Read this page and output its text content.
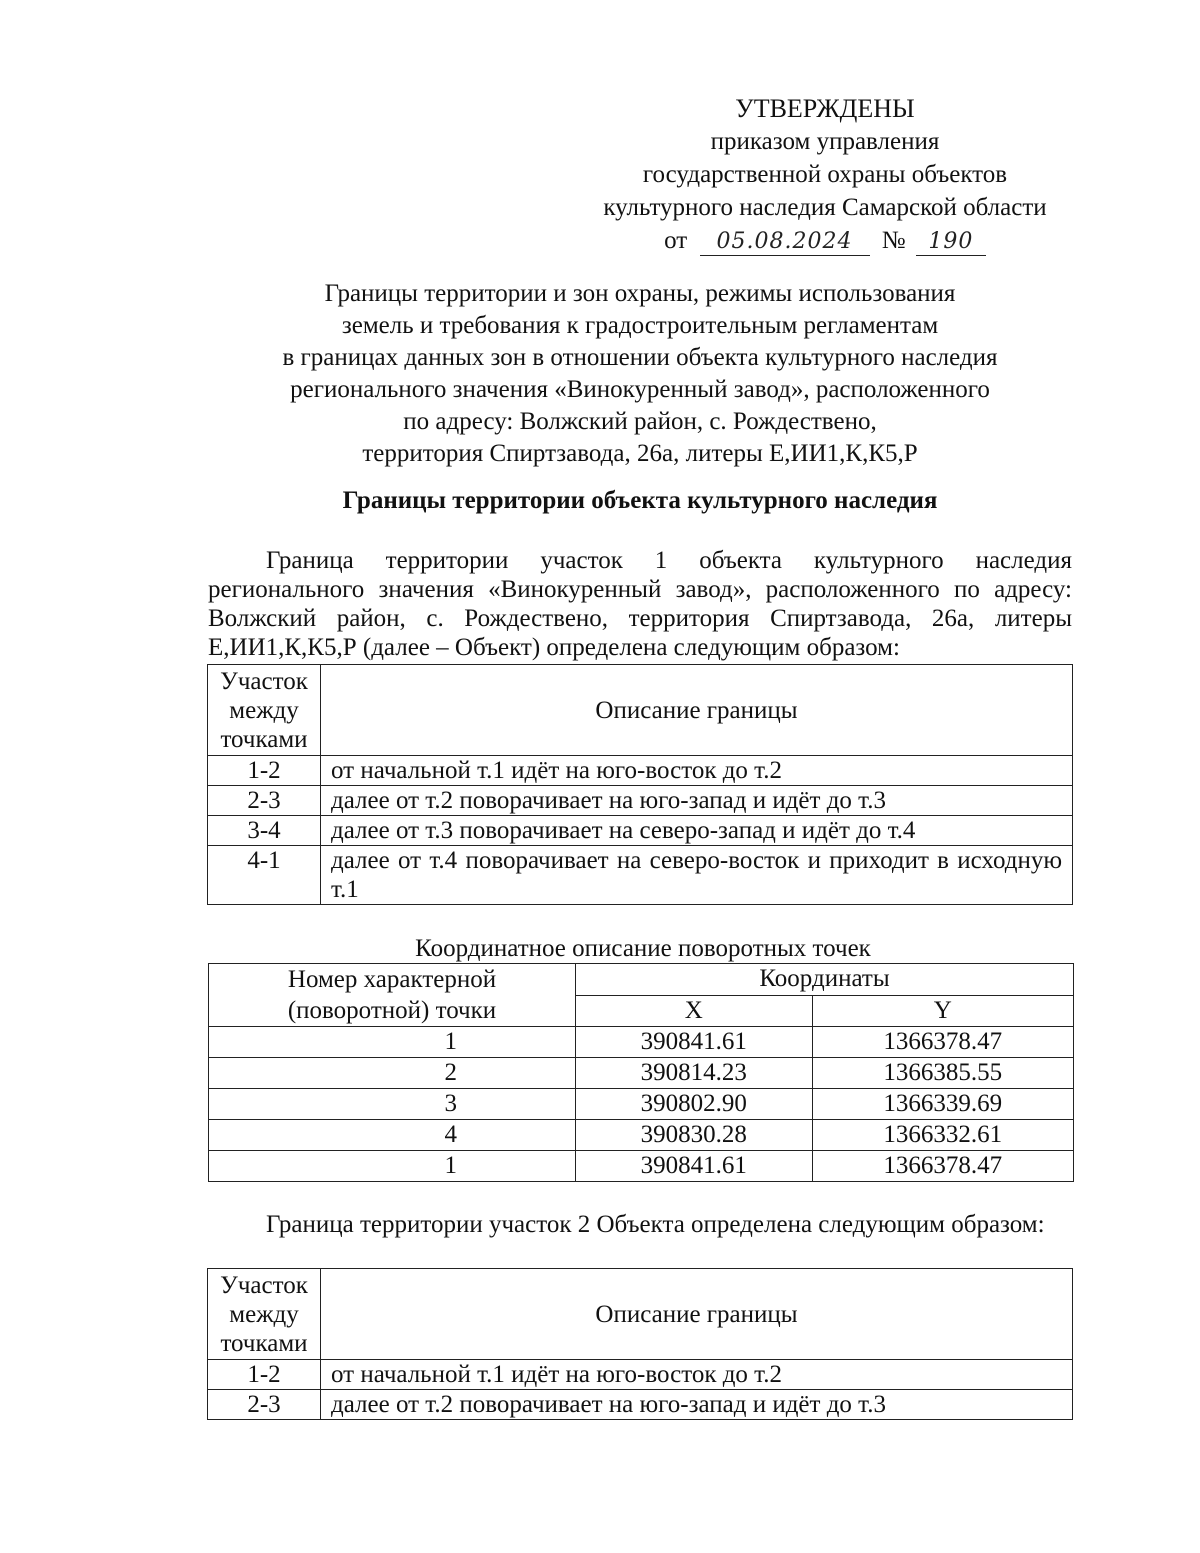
УТВЕРЖДЕНЫ
приказом управления
государственной охраны объектов
культурного наследия Самарской области
от 05.08.2024 № 190
Границы территории и зон охраны, режимы использования
земель и требования к градостроительным регламентам
в границах данных зон в отношении объекта культурного наследия
регионального значения «Винокуренный завод», расположенного
по адресу: Волжский район, с. Рождествено,
территория Спиртзавода, 26а, литеры Е,ИИ1,К,К5,Р
Границы территории объекта культурного наследия
Граница территории участок 1 объекта культурного наследия регионального значения «Винокуренный завод», расположенного по адресу: Волжский район, с. Рождествено, территория Спиртзавода, 26а, литеры Е,ИИ1,К,К5,Р (далее – Объект) определена следующим образом:
Участок между точками	Описание границы
1-2	от начальной т.1 идёт на юго-восток до т.2
2-3	далее от т.2 поворачивает на юго-запад и идёт до т.3
3-4	далее от т.3 поворачивает на северо-запад и идёт до т.4
4-1	далее от т.4 поворачивает на северо-восток и приходит в исходную т.1
Координатное описание поворотных точек
Номер характерной (поворотной) точки	Координаты	
	X	Y
1	390841.61	1366378.47
2	390814.23	1366385.55
3	390802.90	1366339.69
4	390830.28	1366332.61
1	390841.61	1366378.47
Граница территории участок 2 Объекта определена следующим образом:
Участок между точками	Описание границы
1-2	от начальной т.1 идёт на юго-восток до т.2
2-3	далее от т.2 поворачивает на юго-запад и идёт до т.3
